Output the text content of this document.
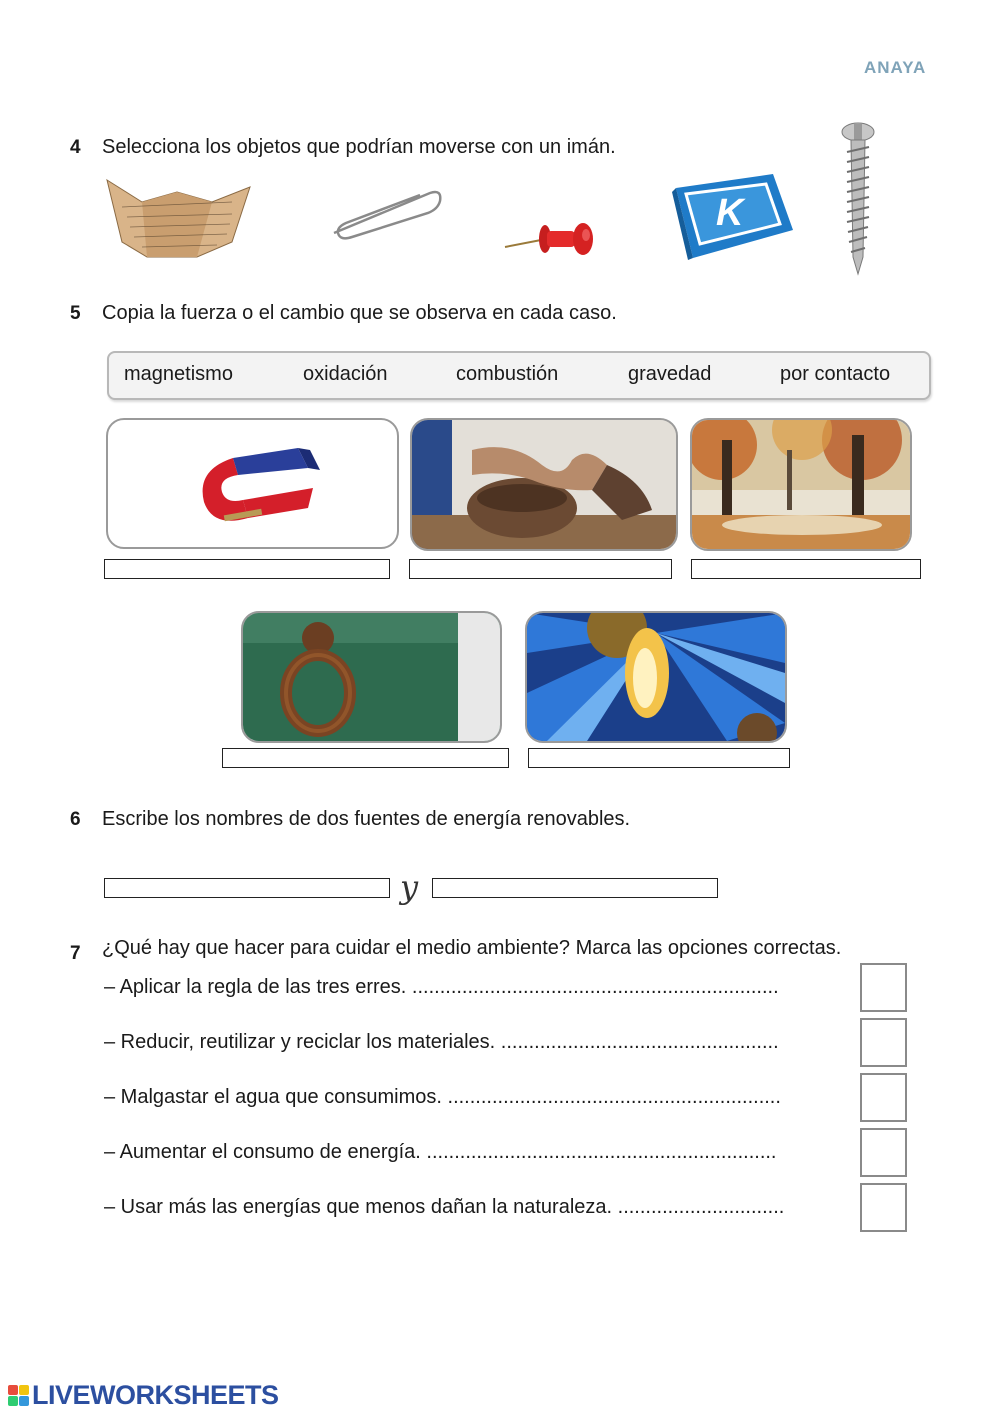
ANAYA
4 Selecciona los objetos que podrían moverse con un imán.
K
5 Copia la fuerza o el cambio que se observa en cada caso.
magnetismo	oxidación	combustión	gravedad	por contacto
6 Escribe los nombres de dos fuentes de energía renovables.
y
7 ¿Qué hay que hacer para cuidar el medio ambiente? Marca las opciones correctas.
– Aplicar la regla de las tres erres. ..................................................................
– Reducir, reutilizar y reciclar los materiales. ..................................................
– Malgastar el agua que consumimos. ............................................................
– Aumentar el consumo de energía. ...............................................................
– Usar más las energías que menos dañan la naturaleza. ..............................
LIVEWORKSHEETS
